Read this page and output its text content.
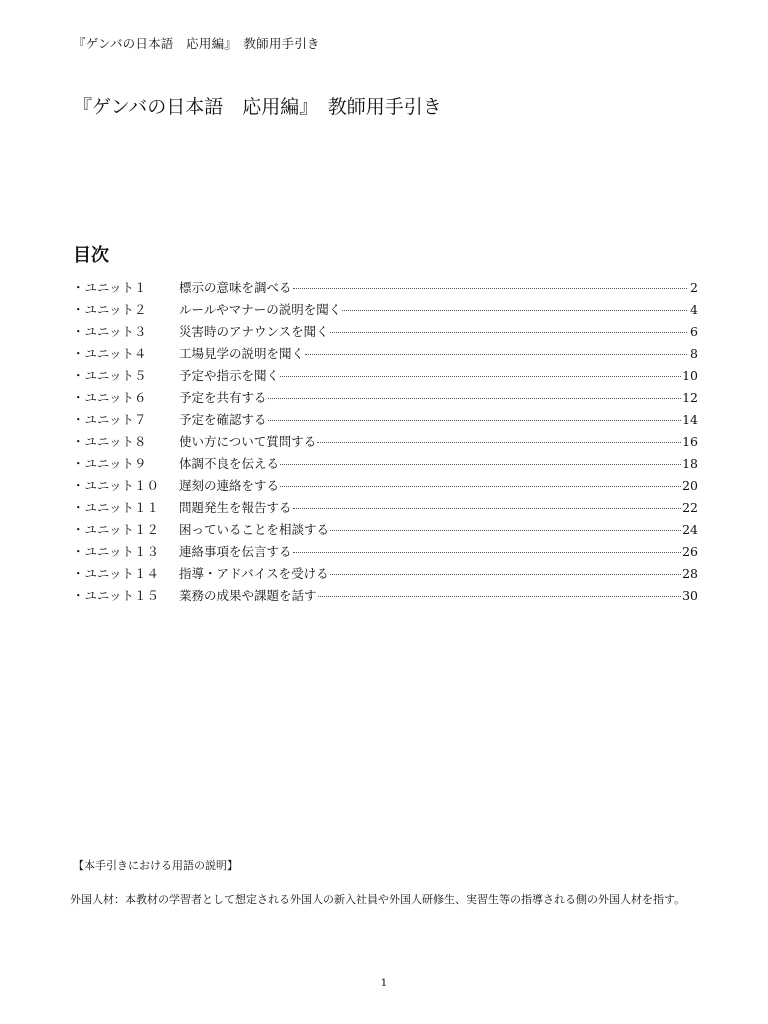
『ゲンバの日本語　応用編』　教師用手引き
『ゲンバの日本語　応用編』　教師用手引き
目次
・ユニット１	標示の意味を調べる	2
・ユニット２	ルールやマナーの説明を聞く	4
・ユニット３	災害時のアナウンスを聞く	6
・ユニット４	工場見学の説明を聞く	8
・ユニット５	予定や指示を聞く	10
・ユニット６	予定を共有する	12
・ユニット７	予定を確認する	14
・ユニット８	使い方について質問する	16
・ユニット９	体調不良を伝える	18
・ユニット１０	遅刻の連絡をする	20
・ユニット１１	問題発生を報告する	22
・ユニット１２	困っていることを相談する	24
・ユニット１３	連絡事項を伝言する	26
・ユニット１４	指導・アドバイスを受ける	28
・ユニット１５	業務の成果や課題を話す	30
【本手引きにおける用語の説明】

外国人材：本教材の学習者として想定される外国人の新入社員や外国人研修生、実習生等の指導される側の外国人材を指す。

1
